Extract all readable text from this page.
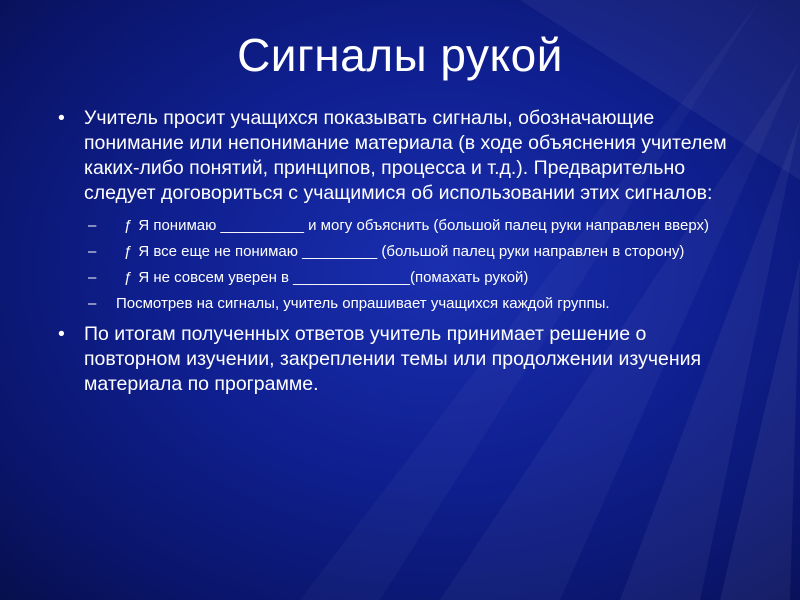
Сигналы рукой
• Учитель просит учащихся показывать сигналы, обозначающие понимание или непонимание материала (в ходе объяснения учителем каких-либо понятий, принципов, процесса и т.д.). Предварительно следует договориться с учащимися об использовании этих сигналов:
– ƒ Я понимаю __________ и могу объяснить (большой палец руки направлен вверх)
– ƒ Я все еще не понимаю _________ (большой палец руки направлен в сторону)
– ƒ Я не совсем уверен в ______________(помахать рукой)
– Посмотрев на сигналы, учитель опрашивает учащихся каждой группы.
• По итогам полученных ответов учитель принимает решение о повторном изучении, закреплении темы или продолжении изучения материала по программе.
